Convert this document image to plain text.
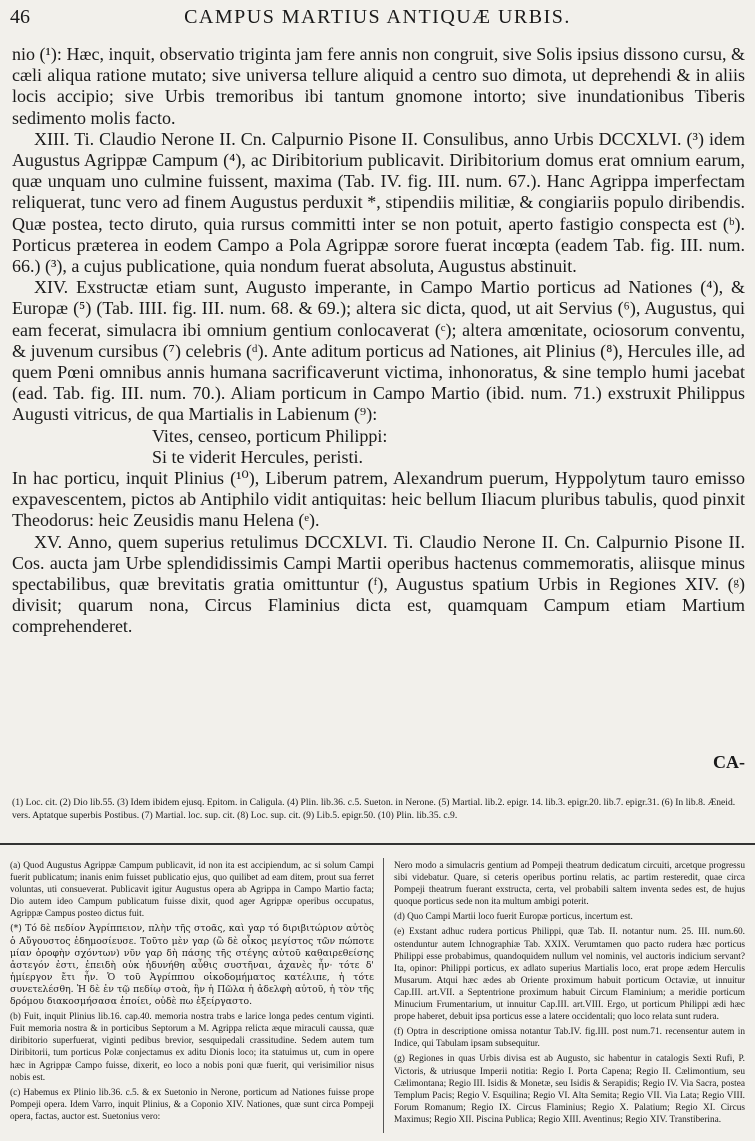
46	CAMPUS MARTIUS ANTIQUÆ URBIS.

nio (¹): Hæc, inquit, observatio triginta jam fere annis non congruit, sive Solis ipsius dissono cursu, & cæli aliqua ratione mutato; sive universa tellure aliquid a centro suo dimota, ut deprehendi & in aliis locis accipio; sive Urbis tremoribus ibi tantum gnomone intorto; sive inundationibus Tiberis sedimento molis facto.

XIII. Ti. Claudio Nerone II. Cn. Calpurnio Pisone II. Consulibus, anno Urbis DCCXLVI. (³) idem Augustus Agrippæ Campum (⁴), ac Diribitorium publicavit. Diribitorium domus erat omnium earum, quæ unquam uno culmine fuissent, maxima (Tab. IV. fig. III. num. 67.). Hanc Agrippa imperfectam reliquerat, tunc vero ad finem Augustus perduxit *, stipendiis militiæ, & congiariis populo diribendis. Quæ postea, tecto diruto, quia rursus committi inter se non potuit, aperto fastigio conspecta est (ᵇ). Porticus præterea in eodem Campo a Pola Agrippæ sorore fuerat incœpta (eadem Tab. fig. III. num. 66.) (³), a cujus publicatione, quia nondum fuerat absoluta, Augustus abstinuit.

XIV. Exstructæ etiam sunt, Augusto imperante, in Campo Martio porticus ad Nationes (⁴), & Europæ (⁵) (Tab. IIII. fig. III. num. 68. & 69.); altera sic dicta, quod, ut ait Servius (⁶), Augustus, qui eam fecerat, simulacra ibi omnium gentium conlocaverat (ᶜ); altera amœnitate, ociosorum conventu, & juvenum cursibus (⁷) celebris (ᵈ). Ante aditum porticus ad Nationes, ait Plinius (⁸), Hercules ille, ad quem Pœni omnibus annis humana sacrificaverunt victima, inhonoratus, & sine templo humi jacebat (ead. Tab. fig. III. num. 70.). Aliam porticum in Campo Martio (ibid. num. 71.) exstruxit Philippus Augusti vitricus, de qua Martialis in Labienum (⁹):

Vites, censeo, porticum Philippi:
Si te viderit Hercules, peristi.

In hac porticu, inquit Plinius (¹⁰), Liberum patrem, Alexandrum puerum, Hyppolytum tauro emisso expavescentem, pictos ab Antiphilo vidit antiquitas: heic bellum Iliacum pluribus tabulis, quod pinxit Theodorus: heic Zeusidis manu Helena (ᵉ).

XV. Anno, quem superius retulimus DCCXLVI. Ti. Claudio Nerone II. Cn. Calpurnio Pisone II. Cos. aucta jam Urbe splendidissimis Campi Martii operibus hactenus commemoratis, aliisque minus spectabilibus, quæ brevitatis gratia omittuntur (ᶠ), Augustus spatium Urbis in Regiones XIV. (ᵍ) divisit; quarum nona, Circus Flaminius dicta est, quamquam Campum etiam Martium comprehenderet.

CA-
(1) Loc. cit. (2) Dio lib.55. (3) Idem ibidem ejusq. Epitom. in Caligula. (4) Plin. lib.36. c.5. Sueton. in Nerone. (5) Martial. lib.2. epigr. 14. lib.3. epigr.20. lib.7. epigr.31. (6) In lib.8. Æneid. vers. Aptatque superbis Postibus. (7) Martial. loc. sup. cit. (8) Loc. sup. cit. (9) Lib.5. epigr.50. (10) Plin. lib.35. c.9.

(a) Quod Augustus Agrippæ Campum publicavit, id non ita est accipiendum, ac si solum Campi fuerit publicatum; inanis enim fuisset publicatio ejus, quo quilibet ad eam ditem, prout sua ferret voluntas, uti consueverat. Publicavit igitur Augustus opera ab Agrippa in Campo Martio facta; Dio autem ideo Campum publicatum fuisse dixit, quod ager Agrippæ operibus occupatus, Agrippæ Campus posteo dictus fuit.

(*) Τό δὲ πεδίον Ἀγρίππειον, πλὴν τῆς στοᾶς, καὶ γαρ τό διριβιτώριον αὐτὸς ὁ Αὔγουστος ἐδημοσίευσε. Τοῦτο μὲν γαρ (ὢ δὲ οἶκος μεγίστος τῶν πώποτε μίαν ὀροφὴν σχόντων) νῦν γαρ δὴ πάσης τῆς στέγης αὐτοῦ καθαιρεθείσης ἀστεγόν ἐστι, ἐπειδὴ οὐκ ἠδυνήθη αὖθις συστῆναι, ἀχανὲς ἦν· τότε δ' ἡμίεργον ἔτι ἦν. Ὁ τοῦ Ἀγρίππου οἰκοδομήματος κατέλιπε, ἡ τότε συνετελέσθη. Ἡ δὲ ἐν τῷ πεδίῳ στοὰ, ἣν ἡ Πῶλα ἡ ἀδελφὴ αὐτοῦ, ἡ τὸν τῆς δρόμου διακοσμήσασα ἐποίει, οὐδὲ πω ἐξείργαστο.

(b) Fuit, inquit Plinius lib.16. cap.40. memoria nostra trabs e larice longa pedes centum viginti. Fuit memoria nostra & in porticibus Septorum a M. Agrippa relicta æque miraculi caussa, quæ diribitorio superfuerat, viginti pedibus brevior, sesquipedali crassitudine. Sedem autem tum Diribitorii, tum porticus Polæ conjectamus ex aditu Dionis loco; ita statuimus ut, cum in opere hæc in Agrippæ Campo fuisse, dixerit, eo loco a nobis poni quæ fuerit, qui verisimilior nisus nobis est.

(c) Habemus ex Plinio lib.36. c.5. & ex Suetonio in Nerone, porticum ad Nationes fuisse prope Pompeji opera. Idem Varro, inquit Plinius, & a Coponio XIV. Nationes, quæ sunt circa Pompeji opera, factas, auctor est. Suetonius vero:

Nero modo a simulacris gentium ad Pompeji theatrum dedicatum circuiti, arcetque progressu sibi videbatur. Quare, si ceteris operibus portinu relatis, ac partim resteredit, quae circa Pompeji theatrum fuerant exstructa, certa, vel probabili saltem inventa sedes est, de hujus quoque porticus sede non ita multum ambigi poterit.

(d) Quo Campi Martii loco fuerit Europæ porticus, incertum est.

(e) Exstant adhuc rudera porticus Philippi, quæ Tab. II. notantur num. 25. III. num.60. ostenduntur autem Ichnographiæ Tab. XXIX. Verumtamen quo pacto rudera hæc porticus Philippi esse probabimus, quandoquidem nullum vel nominis, vel auctoris indicium servant? Ita, opinor: Philippi porticus, ex adlato superius Martialis loco, erat prope ædem Herculis Musarum. Atqui hæc ædes ab Oriente proximum habuit porticum Octaviæ, ut innuitur Cap.III. art.VII. a Septentrione proximum habuit Circum Flaminium; a meridie porticum Minucium Frumentarium, ut innuitur Cap.III. art.VIII. Ergo, ut porticum Philippi ædi hæc prope haberet, debuit ipsa porticus esse a latere occidentali; quo loco relata sunt rudera.

(f) Optra in descriptione omissa notantur Tab.IV. fig.III. post num.71. recensentur autem in Indice, qui Tabulam ipsam subsequitur.

(g) Regiones in quas Urbis divisa est ab Augusto, sic habentur in catalogis Sexti Rufi, P. Victoris, & utriusque Imperii notitia: Regio I. Porta Capena; Regio II. Cælimontium, seu Cælimontana; Regio III. Isidis & Monetæ, seu Isidis & Serapidis; Regio IV. Via Sacra, postea Templum Pacis; Regio V. Esquilina; Regio VI. Alta Semita; Regio VII. Via Lata; Regio VIII. Forum Romanum; Regio IX. Circus Flaminius; Regio X. Palatium; Regio XI. Circus Maximus; Regio XII. Piscina Publica; Regio XIII. Aventinus; Regio XIV. Transtiberina.
